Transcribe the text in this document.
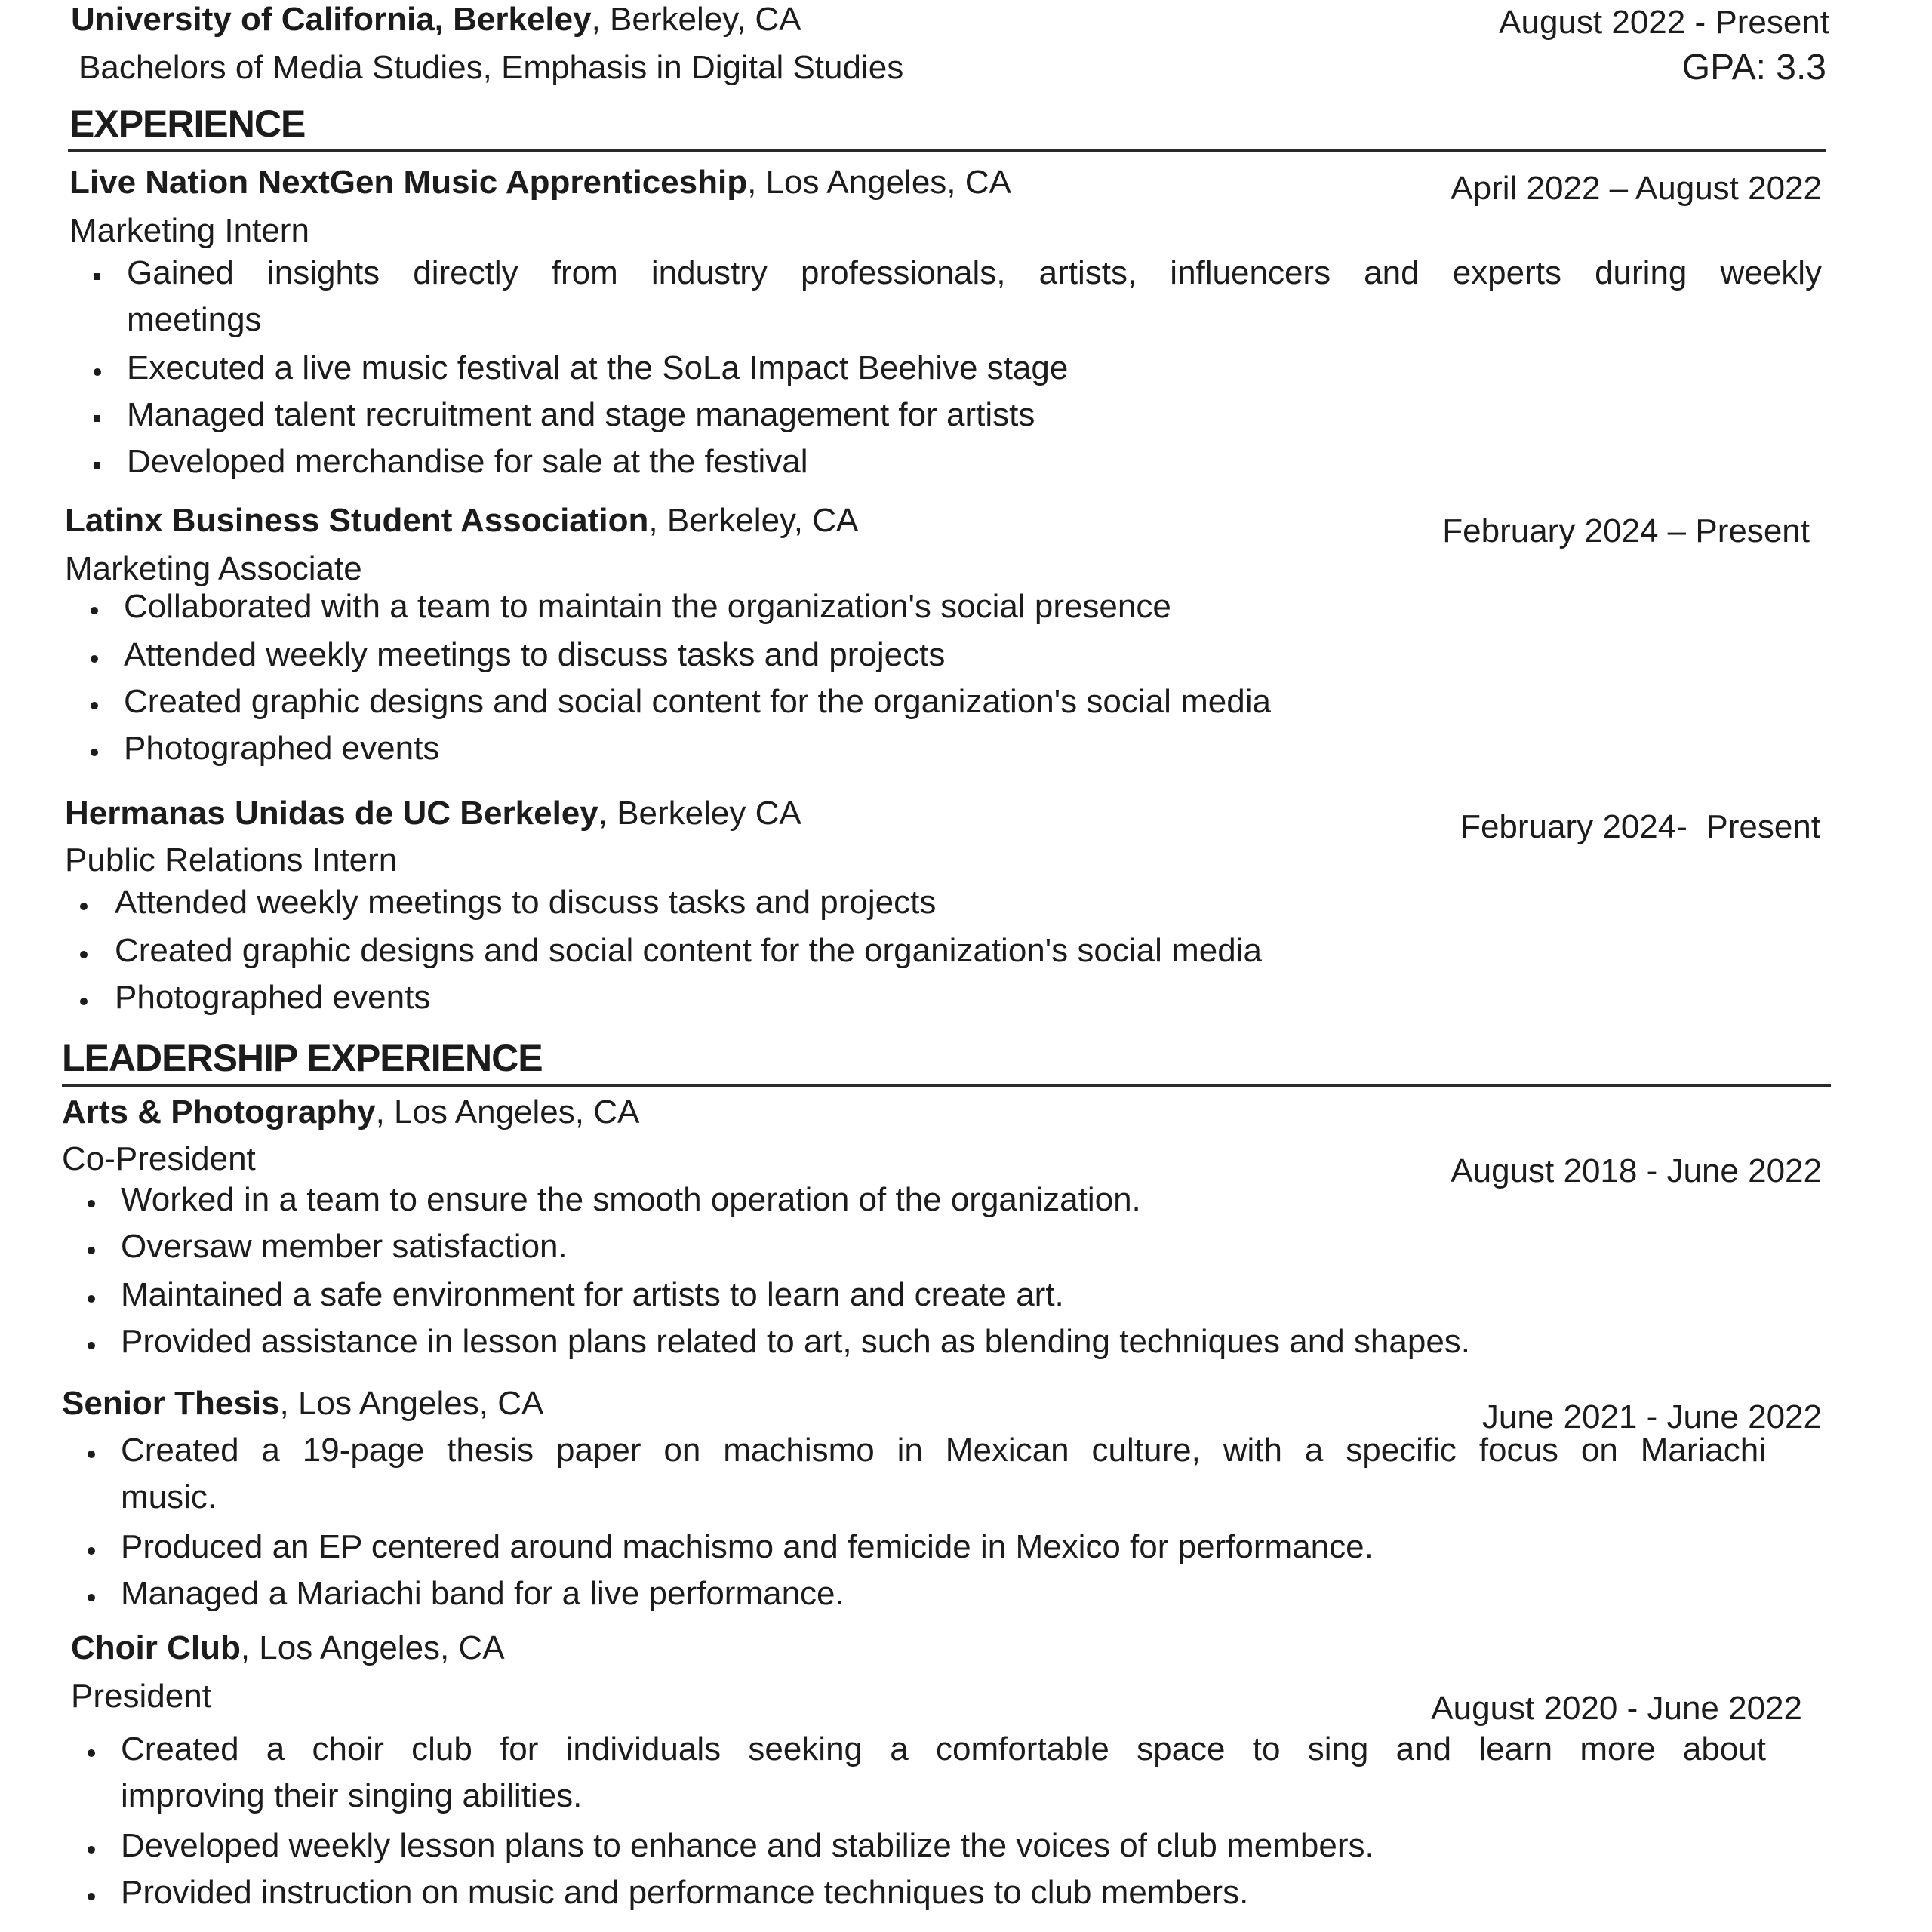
University of California, Berkeley, Berkeley, CA	August 2022 - Present
Bachelors of Media Studies, Emphasis in Digital Studies	GPA: 3.3
EXPERIENCE
Live Nation NextGen Music Apprenticeship, Los Angeles, CA	April 2022 – August 2022
Marketing Intern
Gained insights directly from industry professionals, artists, influencers and experts during weekly
meetings
Executed a live music festival at the SoLa Impact Beehive stage
Managed talent recruitment and stage management for artists
Developed merchandise for sale at the festival
Latinx Business Student Association, Berkeley, CA	February 2024 – Present
Marketing Associate
Collaborated with a team to maintain the organization's social presence
Attended weekly meetings to discuss tasks and projects
Created graphic designs and social content for the organization's social media
Photographed events
Hermanas Unidas de UC Berkeley, Berkeley CA	February 2024-  Present
Public Relations Intern
Attended weekly meetings to discuss tasks and projects
Created graphic designs and social content for the organization's social media
Photographed events
LEADERSHIP EXPERIENCE
Arts & Photography, Los Angeles, CA
Co-President	August 2018 - June 2022
Worked in a team to ensure the smooth operation of the organization.
Oversaw member satisfaction.
Maintained a safe environment for artists to learn and create art.
Provided assistance in lesson plans related to art, such as blending techniques and shapes.
Senior Thesis, Los Angeles, CA	June 2021 - June 2022
Created a 19-page thesis paper on machismo in Mexican culture, with a specific focus on Mariachi
music.
Produced an EP centered around machismo and femicide in Mexico for performance.
Managed a Mariachi band for a live performance.
Choir Club, Los Angeles, CA
President	August 2020 - June 2022
Created a choir club for individuals seeking a comfortable space to sing and learn more about
improving their singing abilities.
Developed weekly lesson plans to enhance and stabilize the voices of club members.
Provided instruction on music and performance techniques to club members.
